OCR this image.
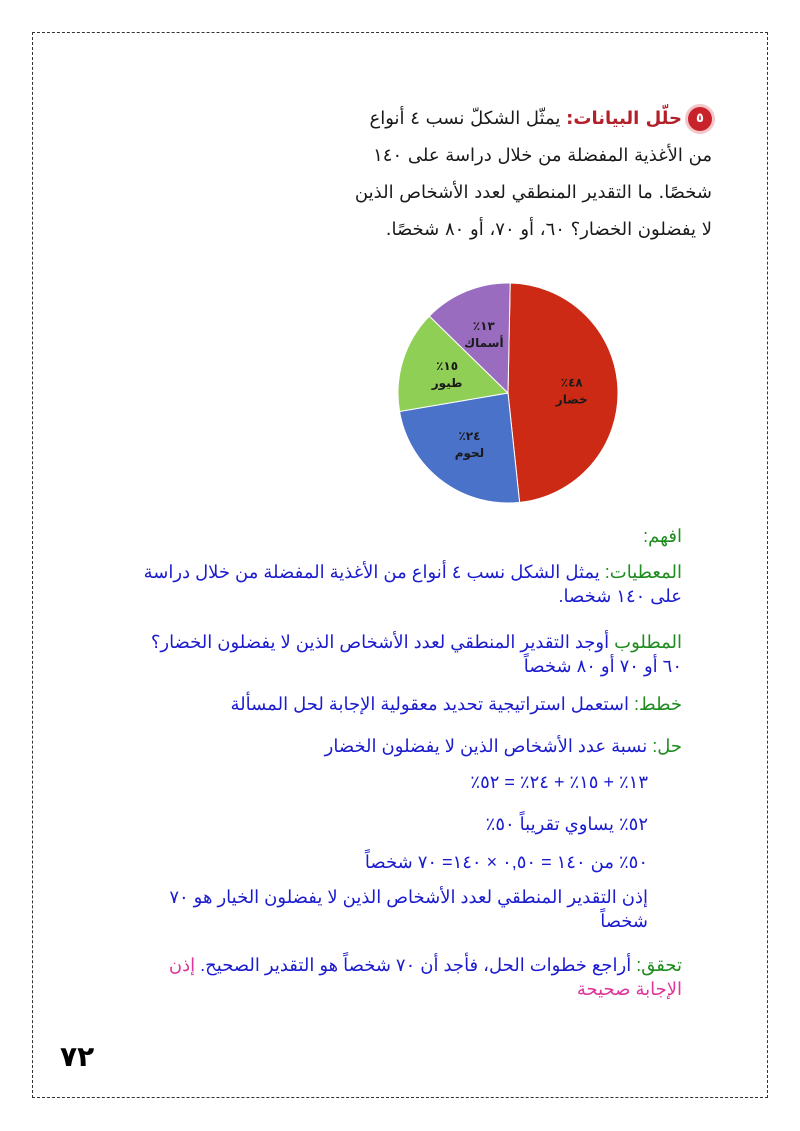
٥حلّل البيانات: يمثّل الشكلّ نسب ٤ أنواع
من الأغذية المفضلة من خلال دراسة على ١٤٠
شخصًا. ما التقدير المنطقي لعدد الأشخاص الذين
لا يفضلون الخضار؟ ٦٠، أو ٧٠، أو ٨٠ شخصًا.
٤٨٪
خضار
٢٤٪
لحوم
١٥٪
طيور
١٣٪
أسماك
افهم:
المعطيات: يمثل الشكل نسب ٤ أنواع من الأغذية المفضلة من خلال دراسة
على ١٤٠ شخصا.
المطلوب أوجد التقدير المنطقي لعدد الأشخاص الذين لا يفضلون الخضار؟
٦٠ أو ٧٠ أو ٨٠ شخصاً
خطط: استعمل استراتيجية تحديد معقولية الإجابة لحل المسألة
حل: نسبة عدد الأشخاص الذين لا يفضلون الخضار
١٣٪ + ١٥٪ + ٢٤٪ = ٥٢٪
٥٢٪ يساوي تقريباً ٥٠٪
٥٠٪ من ١٤٠ = ٠,٥٠ × ١٤٠= ٧٠ شخصاً
إذن التقدير المنطقي لعدد الأشخاص الذين لا يفضلون الخيار هو ٧٠
شخصاً
تحقق: أراجع خطوات الحل، فأجد أن ٧٠ شخصاً هو التقدير الصحيح. إذن
الإجابة صحيحة
٧٢
